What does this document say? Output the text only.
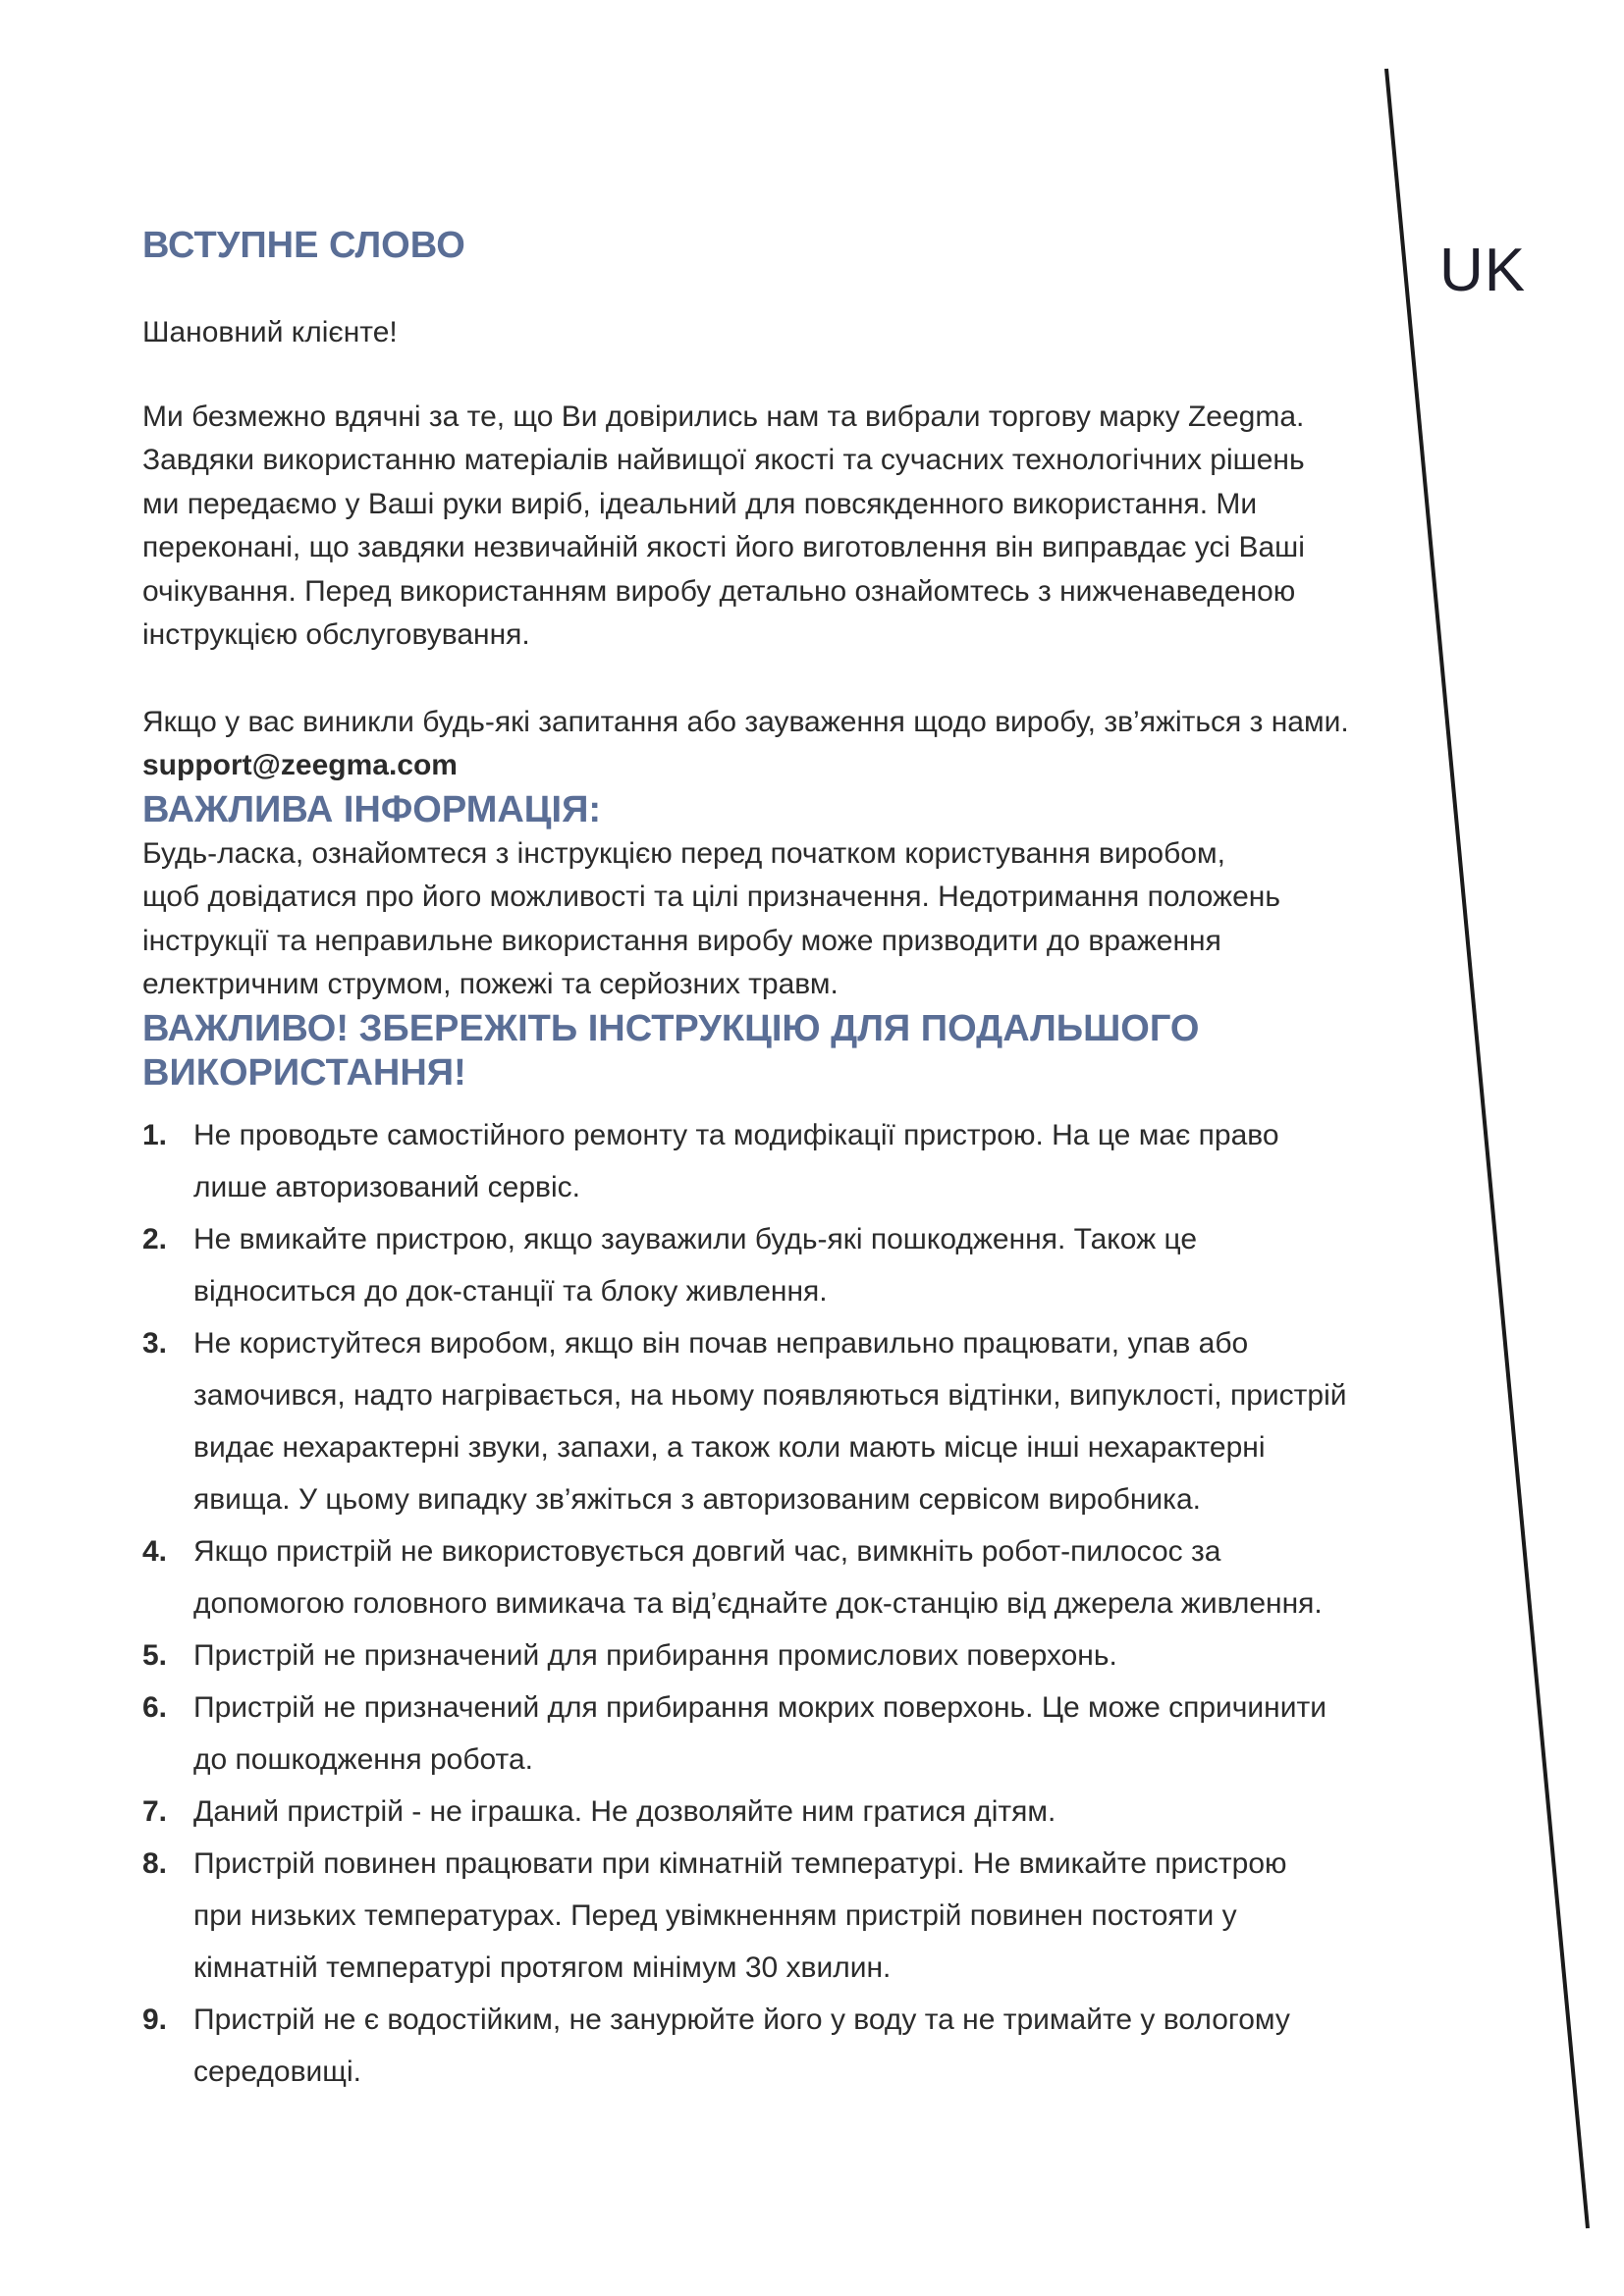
UK
ВСТУПНЕ СЛОВО

Шановний клієнте!

Ми безмежно вдячні за те, що Ви довірились нам та вибрали торгову марку Zeegma.

Завдяки використанню матеріалів найвищої якості та сучасних технологічних рішень

ми передаємо у Ваші руки виріб, ідеальний для повсякденного використання. Ми

переконані, що завдяки незвичайній якості його виготовлення він виправдає усі Ваші

очікування. Перед використанням виробу детально ознайомтесь з нижченаведеною

інструкцією обслуговування.

Якщо у вас виникли будь-які запитання або зауваження щодо виробу, зв’яжіться з нами.

support@zeegma.com

ВАЖЛИВА ІНФОРМАЦІЯ:

Будь-ласка, ознайомтеся з інструкцією перед початком користування виробом,

щоб довідатися про його можливості та цілі призначення. Недотримання положень

інструкції та неправильне використання виробу може призводити до враження

електричним струмом, пожежі та серйозних травм.

ВАЖЛИВО! ЗБЕРЕЖІТЬ ІНСТРУКЦІЮ ДЛЯ ПОДАЛЬШОГО
ВИКОРИСТАННЯ!
1. Не проводьте самостійного ремонту та модифікації пристрою. На це має право
лише авторизований сервіс.
2. Не вмикайте пристрою, якщо зауважили будь-які пошкодження. Також це
відноситься до док-станції та блоку живлення.
3. Не користуйтеся виробом, якщо він почав неправильно працювати, упав або
замочився, надто нагрівається, на ньому появляються відтінки, випуклості, пристрій
видає нехарактерні звуки, запахи, а також коли мають місце інші нехарактерні
явища. У цьому випадку зв’яжіться з авторизованим сервісом виробника.
4. Якщо пристрій не використовується довгий час, вимкніть робот-пилосос за
допомогою головного вимикача та від’єднайте док-станцію від джерела живлення.
5. Пристрій не призначений для прибирання промислових поверхонь.
6. Пристрій не призначений для прибирання мокрих поверхонь. Це може спричинити
до пошкодження робота.
7. Даний пристрій - не іграшка. Не дозволяйте ним гратися дітям.
8. Пристрій повинен працювати при кімнатній температурі. Не вмикайте пристрою
при низьких температурах. Перед увімкненням пристрій повинен постояти у
кімнатній температурі протягом мінімум 30 хвилин.
9. Пристрій не є водостійким, не занурюйте його у воду та не тримайте у вологому
середовищі.
